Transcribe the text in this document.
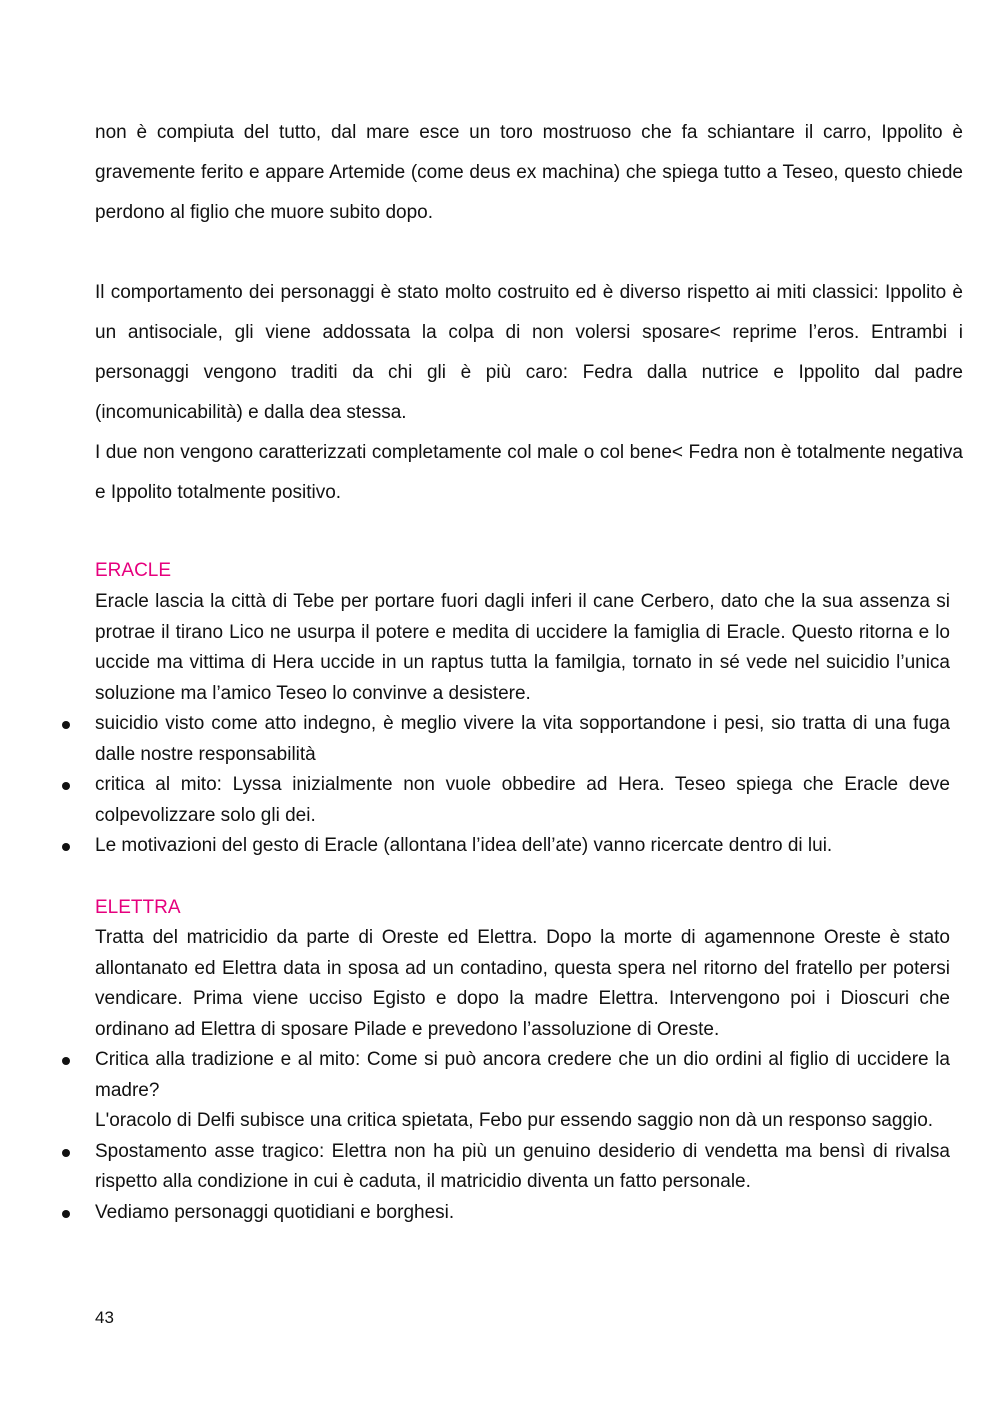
non è compiuta del tutto, dal mare esce un toro mostruoso che fa schiantare il carro, Ippolito è gravemente ferito e appare Artemide (come deus ex machina) che spiega tutto a Teseo, questo chiede perdono al figlio che muore subito dopo.

Il comportamento dei personaggi è stato molto costruito ed è diverso rispetto ai miti classici: Ippolito è un antisociale, gli viene addossata la colpa di non volersi sposare< reprime l’eros. Entrambi i personaggi vengono traditi da chi gli è più caro: Fedra dalla nutrice e Ippolito dal padre (incomunicabilità) e dalla dea stessa.

I due non vengono caratterizzati completamente col male o col bene< Fedra non è totalmente negativa e Ippolito totalmente positivo.

ERACLE

Eracle lascia la città di Tebe per portare fuori dagli inferi il cane Cerbero, dato che la sua assenza si protrae il tirano Lico ne usurpa il potere e medita di uccidere la famiglia di Eracle. Questo ritorna e lo uccide ma vittima di Hera uccide in un raptus tutta la familgia, tornato in sé vede nel suicidio l’unica soluzione ma l’amico Teseo lo convinve a desistere.

suicidio visto come atto indegno, è meglio vivere la vita sopportandone i pesi, sio tratta di una fuga dalle nostre responsabilità
critica al mito: Lyssa inizialmente non vuole obbedire ad Hera. Teseo spiega che Eracle deve colpevolizzare solo gli dei.
Le motivazioni del gesto di Eracle (allontana l’idea dell’ate) vanno ricercate dentro di lui.
ELETTRA

Tratta del matricidio da parte di Oreste ed Elettra. Dopo la morte di agamennone Oreste è stato allontanato ed Elettra data in sposa ad un contadino, questa spera nel ritorno del fratello per potersi vendicare. Prima viene ucciso Egisto e dopo la madre Elettra. Intervengono poi i Dioscuri che ordinano ad Elettra di sposare Pilade e prevedono l’assoluzione di Oreste.

Critica alla tradizione e al mito: Come si può ancora credere che un dio ordini al figlio di uccidere la madre?
L'oracolo di Delfi subisce una critica spietata, Febo pur essendo saggio non dà un responso saggio.
Spostamento asse tragico: Elettra non ha più un genuino desiderio di vendetta ma bensì di rivalsa rispetto alla condizione in cui è caduta, il matricidio diventa un fatto personale.
Vediamo personaggi quotidiani e borghesi.
43
